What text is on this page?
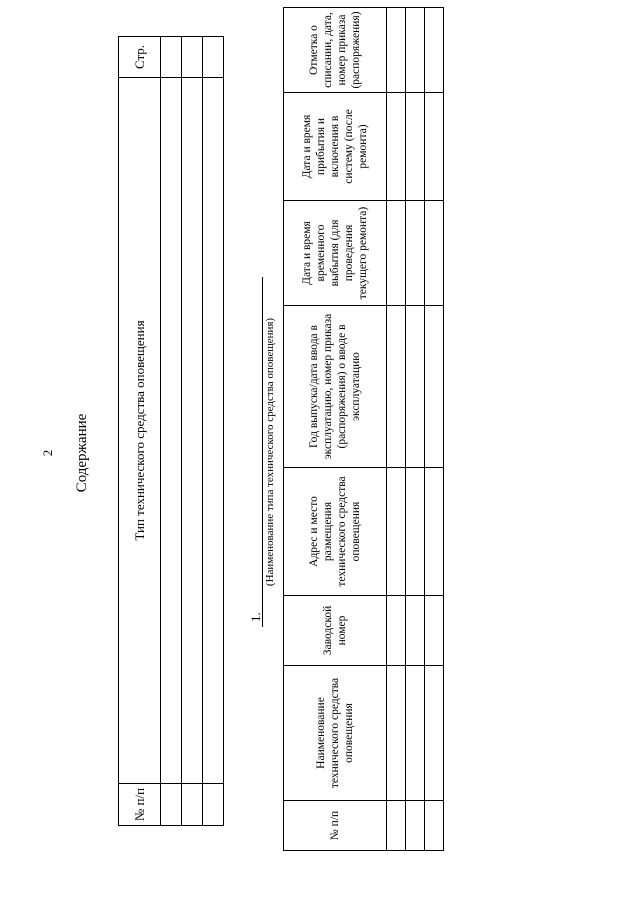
2 Содержание
№ п/п	Тип технического средства оповещения	Стр.

1.
(Наименование типа технического средства оповещения)
№ п/п	Наименование технического средства оповещения	Заводской номер	Адрес и место размещения технического средства оповещения	Год выпуска/дата ввода в эксплуатацию, номер приказа (распоряжения) о вводе в эксплуатацию	Дата и время временного выбытия (для проведения текущего ремонта)	Дата и время прибытия и включения в систему (после ремонта)	Отметка о списании, дата, номер приказа (распоряжения)
